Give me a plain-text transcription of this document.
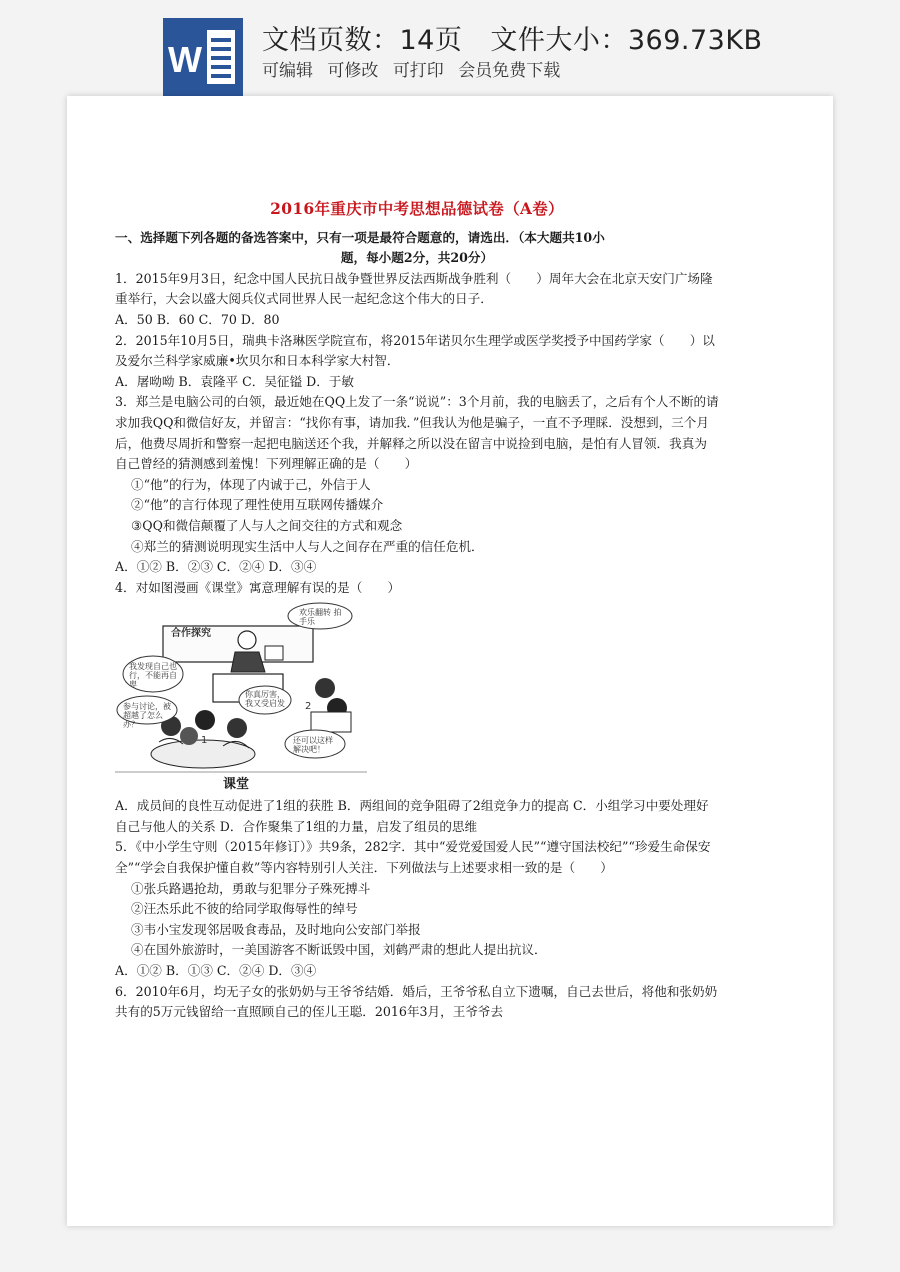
W 文档页数：14页 文件大小：369.73KB
可编辑 可修改 可打印 会员免费下载
2016年重庆市中考思想品德试卷（A卷）
一、选择题下列各题的备选答案中，只有一项是最符合题意的，请选出．（本大题共10小
题，每小题2分，共20分）

1．2015年9月3日，纪念中国人民抗日战争暨世界反法西斯战争胜利（　　）周年大会在北京天安门广场隆重举行，大会以盛大阅兵仪式同世界人民一起纪念这个伟大的日子．

A．50 B．60 C．70 D．80

2．2015年10月5日，瑞典卡洛琳医学院宣布，将2015年诺贝尔生理学或医学奖授予中国药学家（　　）以及爱尔兰科学家威廉•坎贝尔和日本科学家大村智．

A．屠呦呦 B．袁隆平 C．吴征镒 D．于敏

3．郑兰是电脑公司的白领，最近她在QQ上发了一条“说说”：3个月前，我的电脑丢了，之后有个人不断的请求加我QQ和微信好友，并留言：“找你有事，请加我．”但我认为他是骗子，一直不予理睬．没想到，三个月后，他费尽周折和警察一起把电脑送还个我，并解释之所以没在留言中说捡到电脑，是怕有人冒领．我真为自己曾经的猜测感到羞愧！下列理解正确的是（　　）

①“他”的行为，体现了内诚于己，外信于人

②“他”的言行体现了理性使用互联网传播媒介

③QQ和微信颠覆了人与人之间交往的方式和观念

④郑兰的猜测说明现实生活中人与人之间存在严重的信任危机．

A．①② B．②③ C．②④ D．③④

4．对如图漫画《课堂》寓意理解有误的是（　　）

欢乐翻转 拍手乐
合作探究
我发现自己也行，不能再自卑
你真厉害，我又受启发
参与讨论，被超越了怎么办？
还可以这样解决吧！
1
2
课堂

A．成员间的良性互动促进了1组的获胜 B．两组间的竞争阻碍了2组竞争力的提高 C．小组学习中要处理好自己与他人的关系 D．合作聚集了1组的力量，启发了组员的思维

5．《中小学生守则（2015年修订）》共9条，282字．其中“爱党爱国爱人民”“遵守国法校纪”“珍爱生命保安全”“学会自我保护懂自救”等内容特别引人关注．下列做法与上述要求相一致的是（　　）

①张兵路遇抢劫，勇敢与犯罪分子殊死搏斗

②汪杰乐此不彼的给同学取侮辱性的绰号

③韦小宝发现邻居吸食毒品，及时地向公安部门举报

④在国外旅游时，一美国游客不断诋毁中国，刘鹤严肃的想此人提出抗议．

A．①② B．①③ C．②④ D．③④

6．2010年6月，均无子女的张奶奶与王爷爷结婚．婚后，王爷爷私自立下遗嘱，自己去世后，将他和张奶奶共有的5万元钱留给一直照顾自己的侄儿王聪．2016年3月，王爷爷去
